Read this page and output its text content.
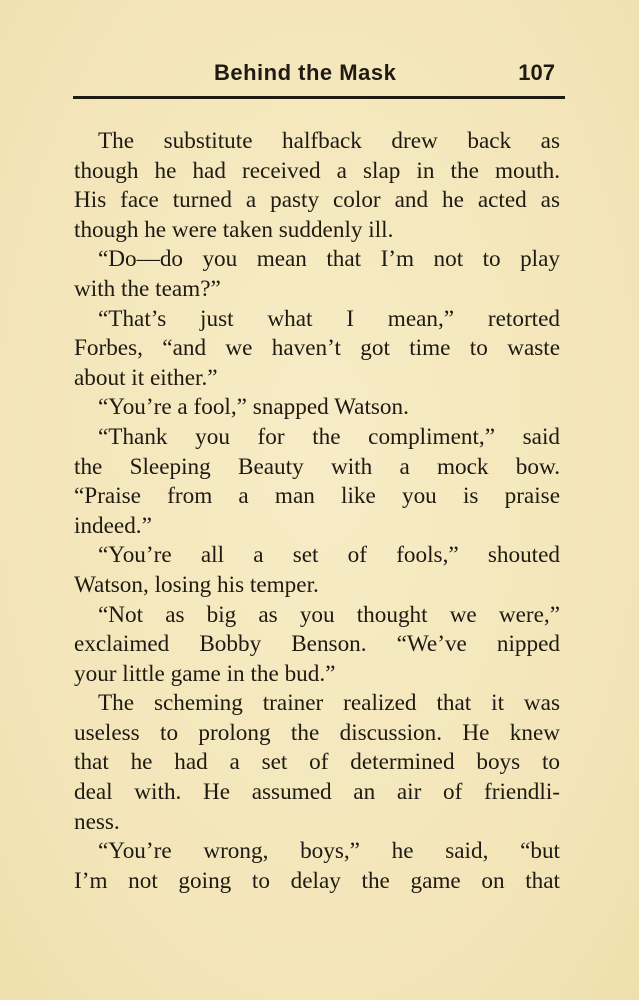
Behind the Mask	107
The substitute halfback drew back as
though he had received a slap in the mouth.
His face turned a pasty color and he acted as
though he were taken suddenly ill.
“Do—do you mean that I’m not to play
with the team?”
“That’s just what I mean,” retorted
Forbes, “and we haven’t got time to waste
about it either.”
“You’re a fool,” snapped Watson.
“Thank you for the compliment,” said
the Sleeping Beauty with a mock bow.
“Praise from a man like you is praise
indeed.”
“You’re all a set of fools,” shouted
Watson, losing his temper.
“Not as big as you thought we were,”
exclaimed Bobby Benson. “We’ve nipped
your little game in the bud.”
The scheming trainer realized that it was
useless to prolong the discussion. He knew
that he had a set of determined boys to
deal with. He assumed an air of friendli-
ness.
“You’re wrong, boys,” he said, “but
I’m not going to delay the game on that
